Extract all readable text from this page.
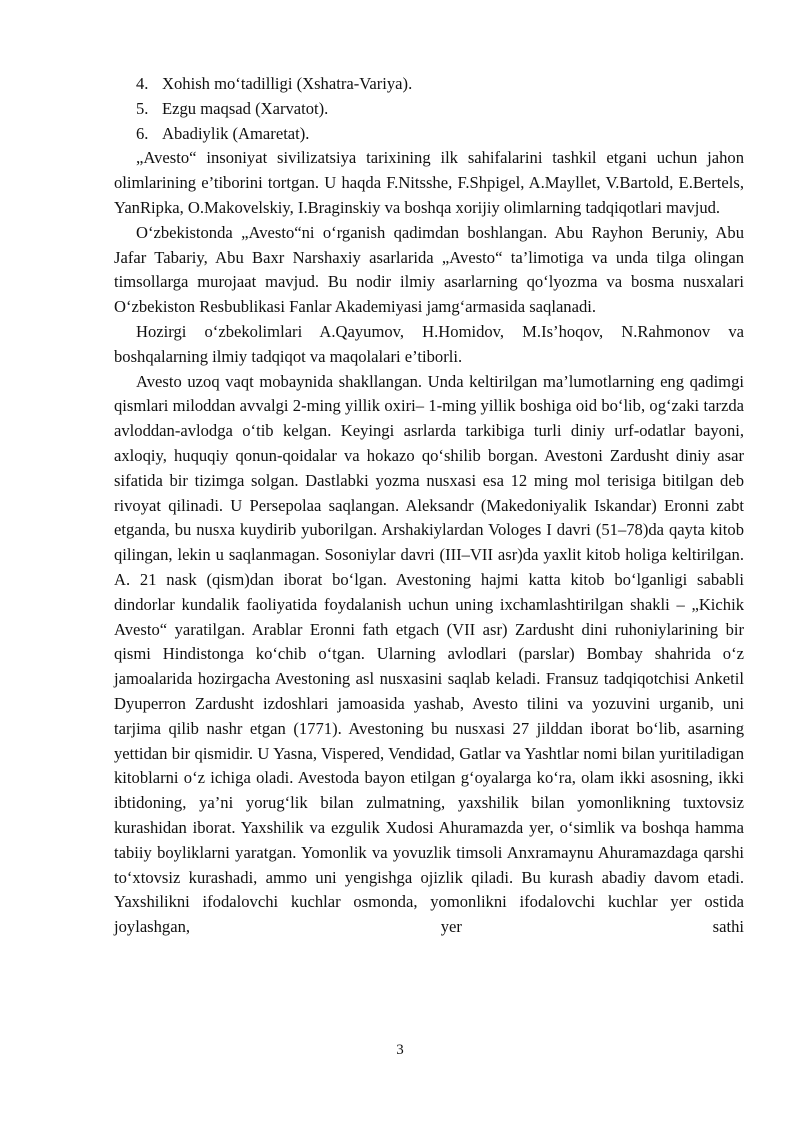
4. Xohish mo‘tadilligi (Xshatra-Variya).
5. Ezgu maqsad (Xarvatot).
6. Abadiylik (Amaretat).

„Avesto“ insoniyat sivilizatsiya tarixining ilk sahifalarini tashkil etgani uchun jahon olimlarining e’tiborini tortgan. U haqda F.Nitsshe, F.Shpigel, A.Mayllet, V.Bartold, E.Bertels, YanRipka, O.Makovelskiy, I.Braginskiy va boshqa xorijiy olimlarning tadqiqotlari mavjud.

O‘zbekistonda „Avesto“ni o‘rganish qadimdan boshlangan. Abu Rayhon Beruniy, Abu Jafar Tabariy, Abu Baxr Narshaxiy asarlarida „Avesto“ ta’limotiga va unda tilga olingan timsollarga murojaat mavjud. Bu nodir ilmiy asarlarning qo‘lyozma va bosma nusxalari O‘zbekiston Resbublikasi Fanlar Akademiyasi jamg‘armasida saqlanadi.

Hozirgi o‘zbekolimlari A.Qayumov, H.Homidov, M.Is’hoqov, N.Rahmonov va boshqalarning ilmiy tadqiqot va maqolalari e’tiborli.

Avesto uzoq vaqt mobaynida shakllangan. Unda keltirilgan ma’lumotlarning eng qadimgi qismlari miloddan avvalgi 2-ming yillik oxiri– 1-ming yillik boshiga oid bo‘lib, og‘zaki tarzda avloddan-avlodga o‘tib kelgan. Keyingi asrlarda tarkibiga turli diniy urf-odatlar bayoni, axloqiy, huquqiy qonun-qoidalar va hokazo qo‘shilib borgan. Avestoni Zardusht diniy asar sifatida bir tizimga solgan. Dastlabki yozma nusxasi esa 12 ming mol terisiga bitilgan deb rivoyat qilinadi. U Persepolaa saqlangan. Aleksandr (Makedoniyalik Iskandar) Eronni zabt etganda, bu nusxa kuydirib yuborilgan. Arshakiylardan Vologes I davri (51–78)da qayta kitob qilingan, lekin u saqlanmagan. Sosoniylar davri (III–VII asr)da yaxlit kitob holiga keltirilgan. A. 21 nask (qism)dan iborat bo‘lgan. Avestoning hajmi katta kitob bo‘lganligi sababli dindorlar kundalik faoliyatida foydalanish uchun uning ixchamlashtirilgan shakli – „Kichik Avesto“ yaratilgan. Arablar Eronni fath etgach (VII asr) Zardusht dini ruhoniylarining bir qismi Hindistonga ko‘chib o‘tgan. Ularning avlodlari (parslar) Bombay shahrida o‘z jamoalarida hozirgacha Avestoning asl nusxasini saqlab keladi. Fransuz tadqiqotchisi Anketil Dyuperron Zardusht izdoshlari jamoasida yashab, Avesto tilini va yozuvini urganib, uni tarjima qilib nashr etgan (1771). Avestoning bu nusxasi 27 jilddan iborat bo‘lib, asarning yettidan bir qismidir. U Yasna, Vispered, Vendidad, Gatlar va Yashtlar nomi bilan yuritiladigan kitoblarni o‘z ichiga oladi. Avestoda bayon etilgan g‘oyalarga ko‘ra, olam ikki asosning, ikki ibtidoning, ya’ni yorug‘lik bilan zulmatning, yaxshilik bilan yomonlikning tuxtovsiz kurashidan iborat. Yaxshilik va ezgulik Xudosi Ahuramazda yer, o‘simlik va boshqa hamma tabiiy boyliklarni yaratgan. Yomonlik va yovuzlik timsoli Anxramaynu Ahuramazdaga qarshi to‘xtovsiz kurashadi, ammo uni yengishga ojizlik qiladi. Bu kurash abadiy davom etadi. Yaxshilikni ifodalovchi kuchlar osmonda, yomonlikni ifodalovchi kuchlar yer ostida joylashgan, yer sathi

3
